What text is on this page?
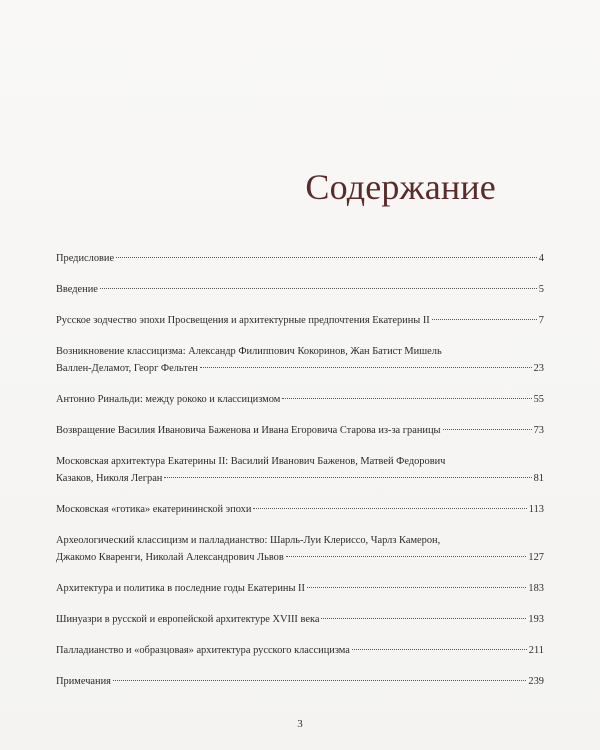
Содержание
Предисловие	4
Введение	5
Русское зодчество эпохи Просвещения и архитектурные предпочтения Екатерины II	7
Возникновение классицизма: Александр Филиппович Кокоринов, Жан Батист Мишель
Валлен-Деламот, Георг Фельтен	23
Антонио Ринальди: между рококо и классицизмом	55
Возвращение Василия Ивановича Баженова и Ивана Егоровича Старова из-за границы	73
Московская архитектура Екатерины II: Василий Иванович Баженов, Матвей Федорович
Казаков, Николя Легран	81
Московская «готика» екатерининской эпохи	113
Археологический классицизм и палладианство: Шарль-Луи Клериссо, Чарлз Камерон,
Джакомо Кваренги, Николай Александрович Львов	127
Архитектура и политика в последние годы Екатерины II	183
Шинуазри в русской и европейской архитектуре XVIII века	193
Палладианство и «образцовая» архитектура русского классицизма	211
Примечания	239
3
